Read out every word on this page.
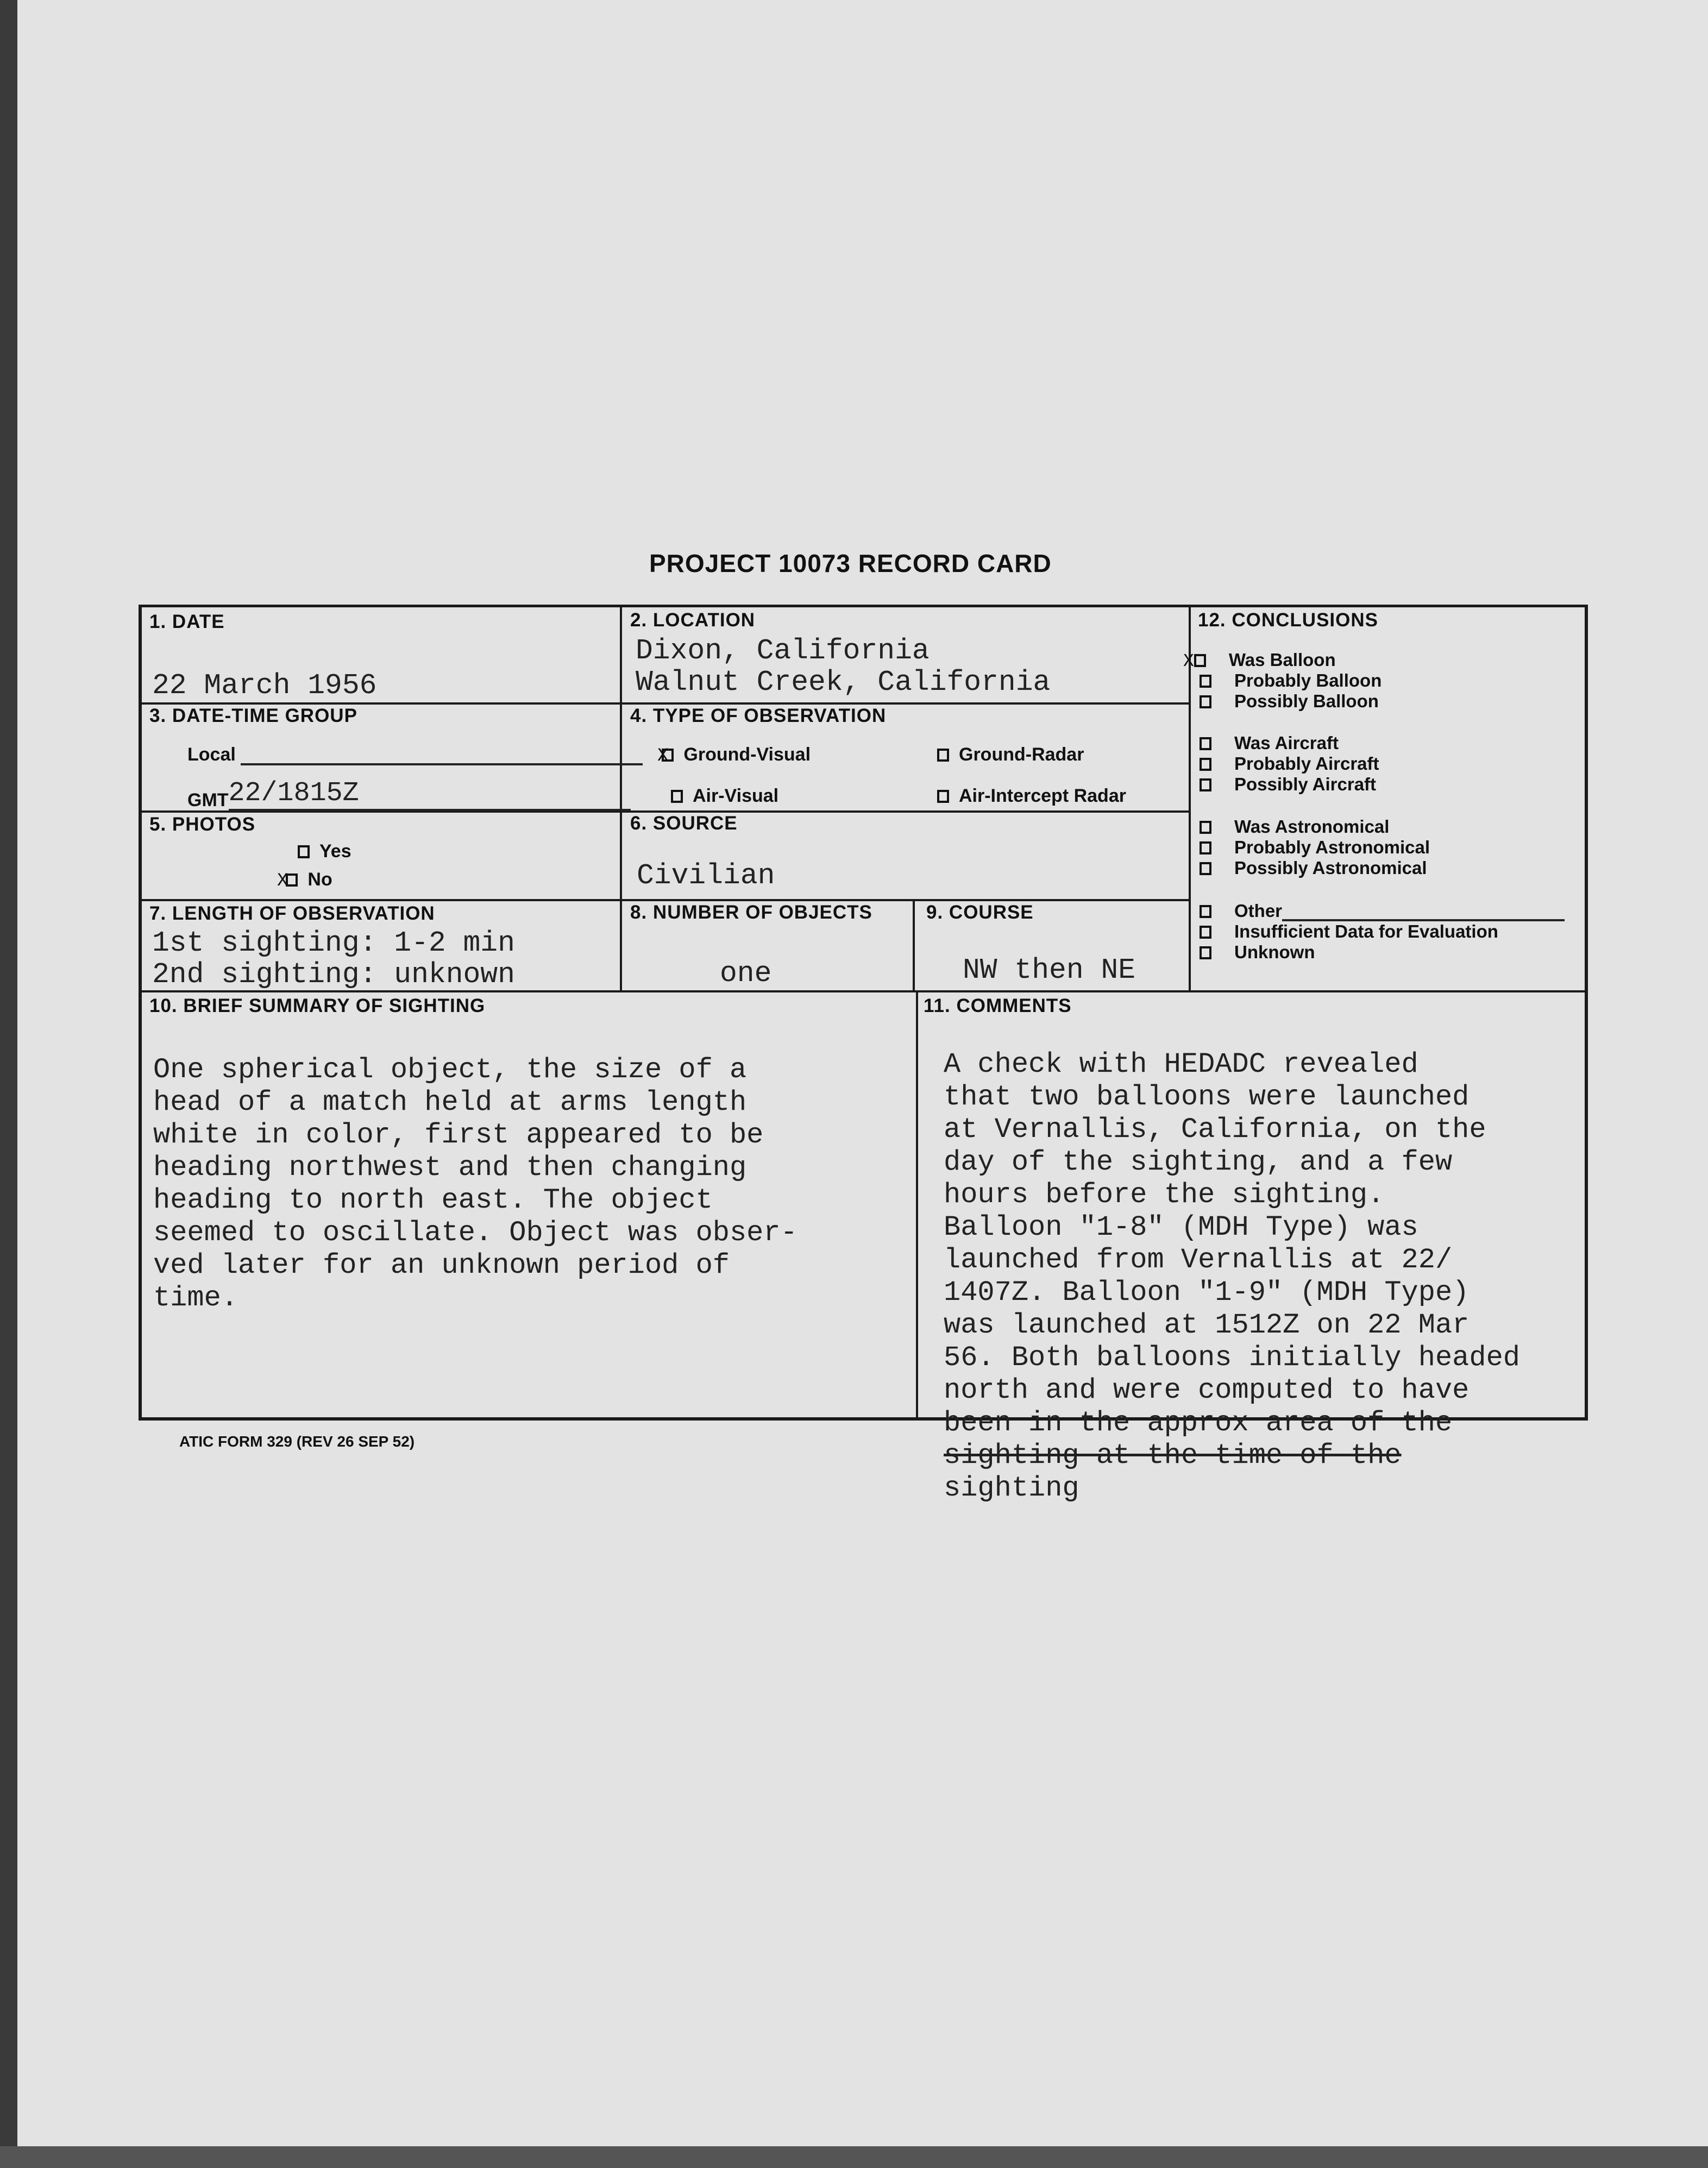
PROJECT 10073 RECORD CARD
1. DATE
22 March 1956
2. LOCATION
Dixon, California
Walnut Creek, California
3. DATE-TIME GROUP
Local
GMT22/1815Z
4. TYPE OF OBSERVATION
X Ground-Visual	Ground-Radar
Air-Visual	Air-Intercept Radar
5. PHOTOS
Yes
X No
6. SOURCE
Civilian
7. LENGTH OF OBSERVATION
1st sighting: 1-2 min
2nd sighting: unknown
8. NUMBER OF OBJECTS
one
9. COURSE
NW then NE
12. CONCLUSIONS
X Was Balloon
Probably Balloon
Possibly Balloon
Was Aircraft
Probably Aircraft
Possibly Aircraft
Was Astronomical
Probably Astronomical
Possibly Astronomical
Other
Insufficient Data for Evaluation
Unknown
10. BRIEF SUMMARY OF SIGHTING

One spherical object, the size of a
head of a match held at arms length
white in color, first appeared to be
heading northwest and then changing
heading to north east. The object
seemed to oscillate. Object was obser-
ved later for an unknown period of
time.
11. COMMENTS

A check with HEDADC revealed
that two balloons were launched
at Vernallis, California, on the
day of the sighting, and a few
hours before the sighting.
Balloon "1-8" (MDH Type) was
launched from Vernallis at 22/
1407Z. Balloon "1-9" (MDH Type)
was launched at 1512Z on 22 Mar
56. Both balloons initially headed
north and were computed to have
been in the approx area of the
sighting at the time of the
sighting
ATIC FORM 329 (REV 26 SEP 52)
